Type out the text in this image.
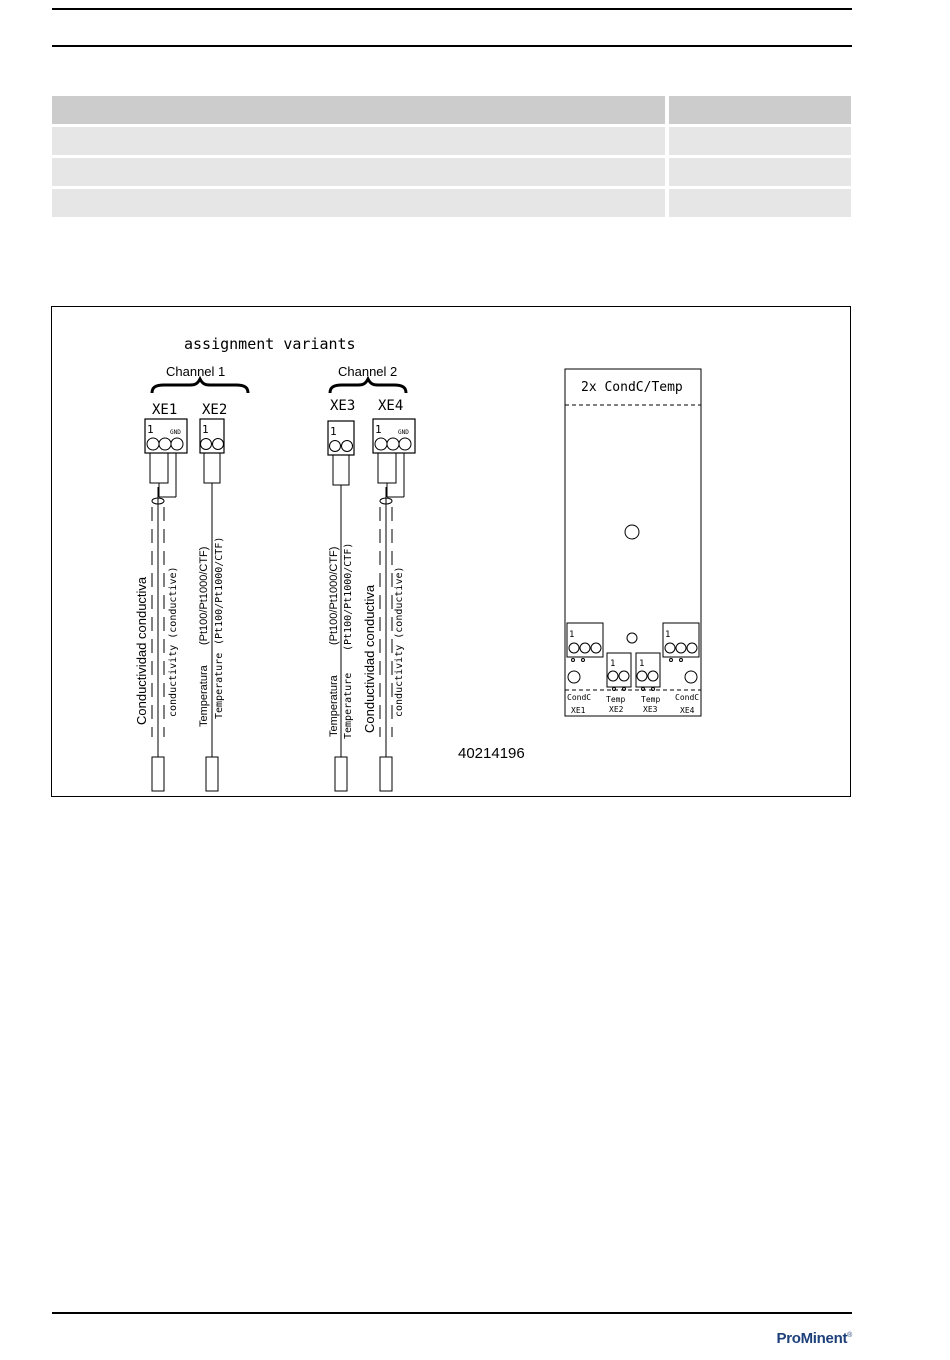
assignment variants
Channel 1	Channel 2
XE1 XE2	XE3 XE4
1	GND
Conductividad conductiva conductivity (conductive)
1
Temperatura
(Pt100/Pt1000/CTF)
Temperature
(Pt100/Pt1000/CTF)
1
Temperatura
(Pt100/Pt1000/CTF)
Temperature
(Pt100/Pt1000/CTF)
1	GND
Conductividad conductiva conductivity (conductive)
40214196
2x CondC/Temp
1
1	1
1
CondC
XE1
Temp
XE2
Temp
XE3
CondC
XE4
ProMinent®
